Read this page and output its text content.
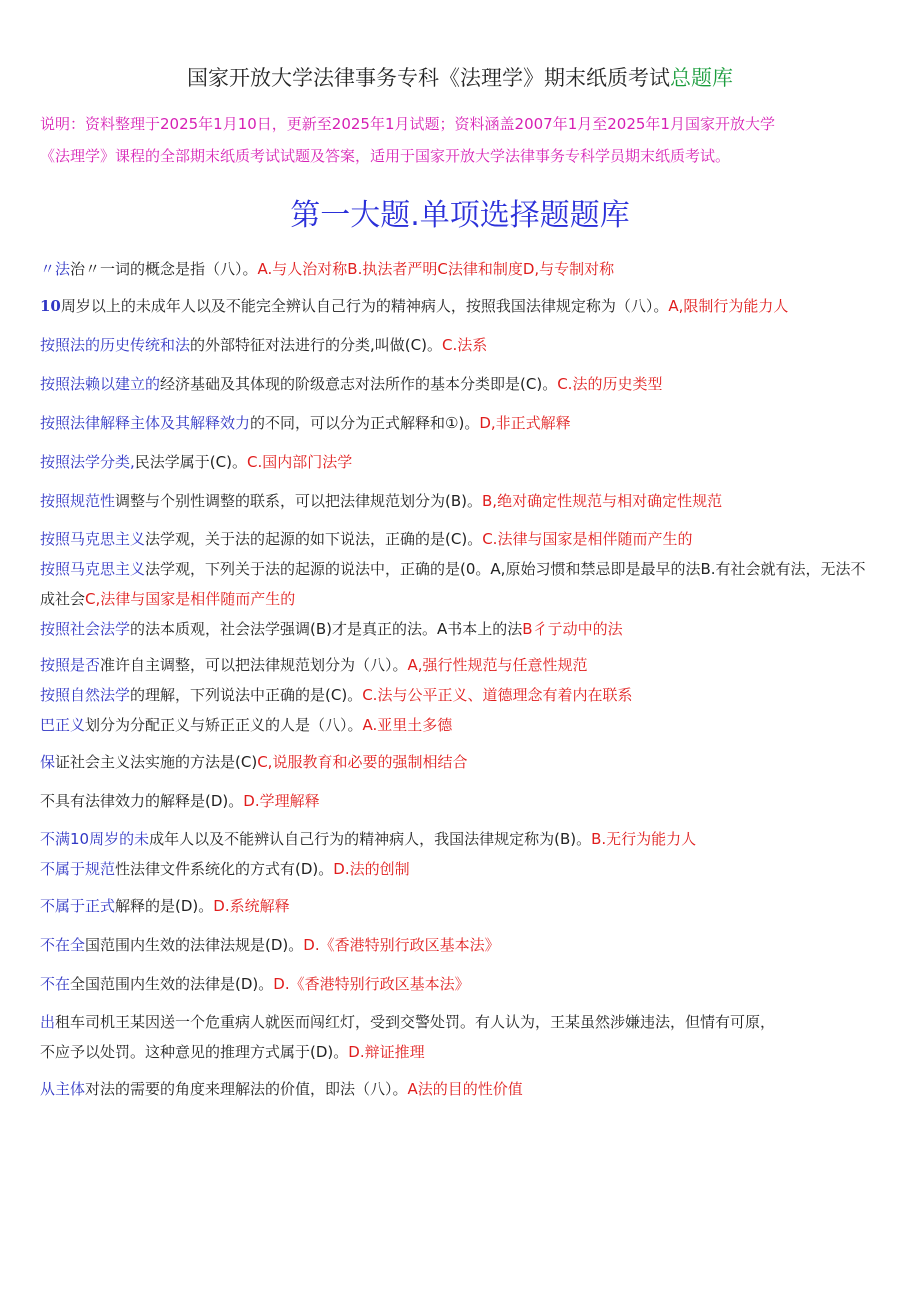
国家开放大学法律事务专科《法理学》期末纸质考试总题库
说明：资料整理于2025年1月10日，更新至2025年1月试题；资料涵盖2007年1月至2025年1月国家开放大学
《法理学》课程的全部期末纸质考试试题及答案，适用于国家开放大学法律事务专科学员期末纸质考试。
第一大题.单项选择题题库
〃法治〃一词的概念是指（八）。A.与人治对称B.执法者严明C法律和制度D,与专制对称
10周岁以上的未成年人以及不能完全辨认自己行为的精神病人，按照我国法律规定称为（八）。A,限制行为能力人
按照法的历史传统和法的外部特征对法进行的分类,叫做(C)。C.法系
按照法赖以建立的经济基础及其体现的阶级意志对法所作的基本分类即是(C)。C.法的历史类型
按照法律解释主体及其解释效力的不同，可以分为正式解释和①)。D,非正式解释
按照法学分类,民法学属于(C)。C.国内部门法学
按照规范性调整与个别性调整的联系，可以把法律规范划分为(B)。B,绝对确定性规范与相对确定性规范
按照马克思主义法学观，关于法的起源的如下说法，正确的是(C)。C.法律与国家是相伴随而产生的
按照马克思主义法学观，下列关于法的起源的说法中，正确的是(0。A,原始习惯和禁忌即是最早的法B.有社会就有法，无法不
成社会C,法律与国家是相伴随而产生的
按照社会法学的法本质观，社会法学强调(B)才是真正的法。A书本上的法B彳亍动中的法
按照是否准许自主调整，可以把法律规范划分为（八）。A,强行性规范与任意性规范
按照自然法学的理解，下列说法中正确的是(C)。C.法与公平正义、道德理念有着内在联系
巴正义划分为分配正义与矫正正义的人是（八）。A.亚里土多德
保证社会主义法实施的方法是(C)C,说服教育和必要的强制相结合
不具有法律效力的解释是(D)。D.学理解释
不满10周岁的未成年人以及不能辨认自己行为的精神病人，我国法律规定称为(B)。B.无行为能力人
不属于规范性法律文件系统化的方式有(D)。D.法的创制
不属于正式解释的是(D)。D.系统解释
不在全国范围内生效的法律法规是(D)。D.《香港特别行政区基本法》
不在全国范围内生效的法律是(D)。D.《香港特别行政区基本法》
出租车司机王某因送一个危重病人就医而闯红灯，受到交警处罚。有人认为，王某虽然涉嫌违法，但情有可原，
不应予以处罚。这种意见的推理方式属于(D)。D.辩证推理
从主体对法的需要的角度来理解法的价值，即法（八）。A法的目的性价值
